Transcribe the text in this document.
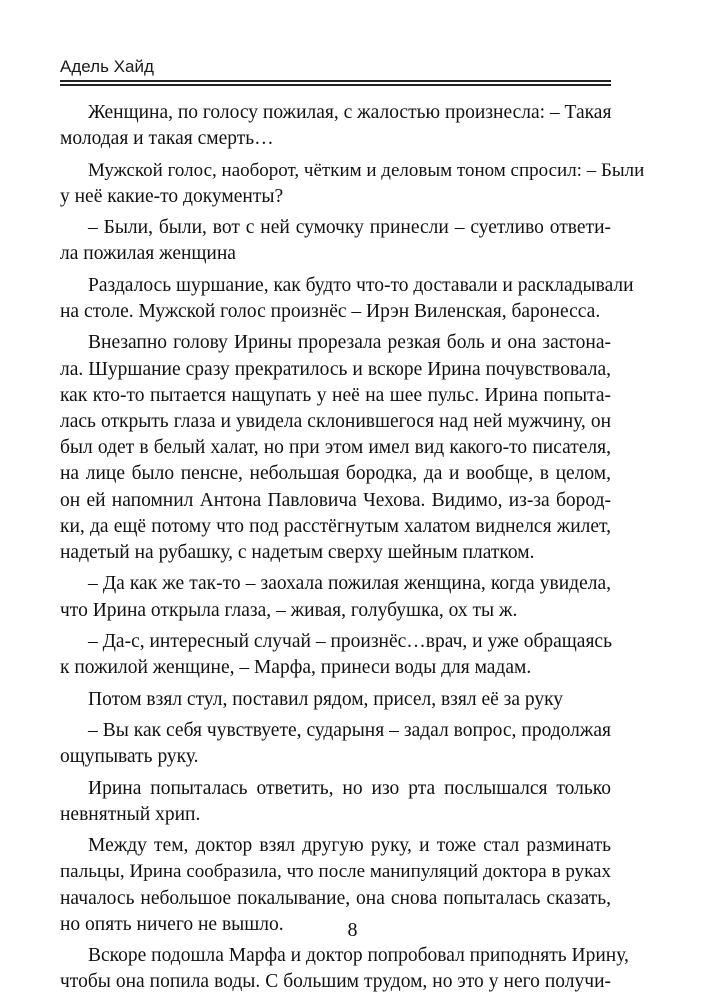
Адель Хайд

Женщина, по голосу пожилая, с жалостью произнесла: – Такая
молодая и такая смерть…

Мужской голос, наоборот, чётким и деловым тоном спросил: – Были
у неё какие-то документы?

– Были, были, вот с ней сумочку принесли – суетливо ответи-
ла пожилая женщина

Раздалось шуршание, как будто что-то доставали и раскладывали
на столе. Мужской голос произнёс – Ирэн Виленская, баронесса.

Внезапно голову Ирины прорезала резкая боль и она застона-
ла. Шуршание сразу прекратилось и вскоре Ирина почувствовала,
как кто-то пытается нащупать у неё на шее пульс. Ирина попыта-
лась открыть глаза и увидела склонившегося над ней мужчину, он
был одет в белый халат, но при этом имел вид какого-то писателя,
на лице было пенсне, небольшая бородка, да и вообще, в целом,
он ей напомнил Антона Павловича Чехова. Видимо, из-за бород-
ки, да ещё потому что под расстёгнутым халатом виднелся жилет,
надетый на рубашку, с надетым сверху шейным платком.

– Да как же так-то – заохала пожилая женщина, когда увидела,
что Ирина открыла глаза, – живая, голубушка, ох ты ж.

– Да-с, интересный случай – произнёс…врач, и уже обращаясь
к пожилой женщине, – Марфа, принеси воды для мадам.

Потом взял стул, поставил рядом, присел, взял её за руку

– Вы как себя чувствуете, сударыня – задал вопрос, продолжая
ощупывать руку.

Ирина попыталась ответить, но изо рта послышался только
невнятный хрип.

Между тем, доктор взял другую руку, и тоже стал разминать
пальцы, Ирина сообразила, что после манипуляций доктора в руках
началось небольшое покалывание, она снова попыталась сказать,
но опять ничего не вышло.

Вскоре подошла Марфа и доктор попробовал приподнять Ирину,
чтобы она попила воды. С большим трудом, но это у него получи-

8
